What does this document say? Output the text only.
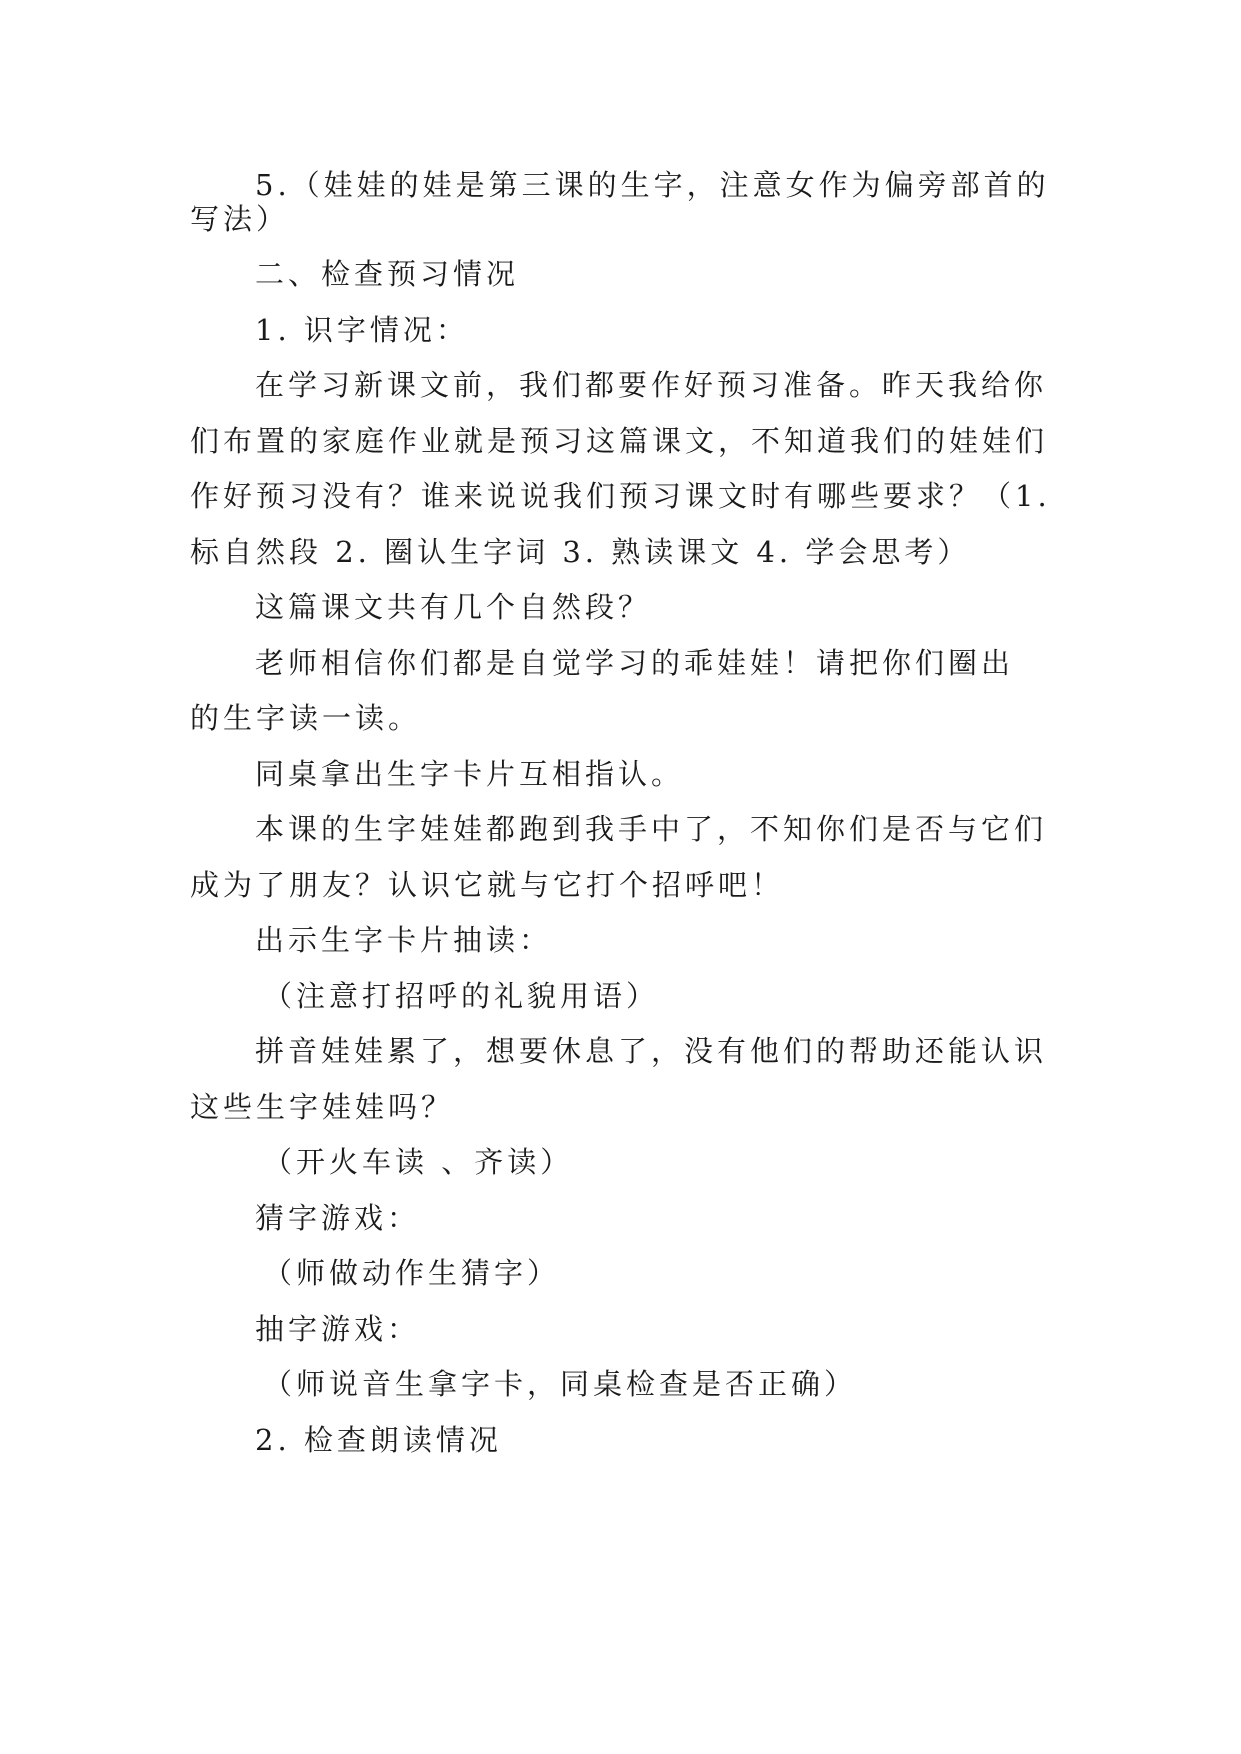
5.（娃娃的娃是第三课的生字，注意女作为偏旁部首的
写法）
二、检查预习情况
1. 识字情况：
在学习新课文前，我们都要作好预习准备。昨天我给你
们布置的家庭作业就是预习这篇课文，不知道我们的娃娃们
作好预习没有？谁来说说我们预习课文时有哪些要求？（1.
标自然段 2. 圈认生字词 3. 熟读课文 4. 学会思考）
这篇课文共有几个自然段？
老师相信你们都是自觉学习的乖娃娃！请把你们圈出
的生字读一读。
同桌拿出生字卡片互相指认。
本课的生字娃娃都跑到我手中了，不知你们是否与它们
成为了朋友？认识它就与它打个招呼吧！
出示生字卡片抽读：
（注意打招呼的礼貌用语）
拼音娃娃累了，想要休息了，没有他们的帮助还能认识
这些生字娃娃吗？
（开火车读 、齐读）
猜字游戏：
（师做动作生猜字）
抽字游戏：
（师说音生拿字卡，同桌检查是否正确）
2. 检查朗读情况
